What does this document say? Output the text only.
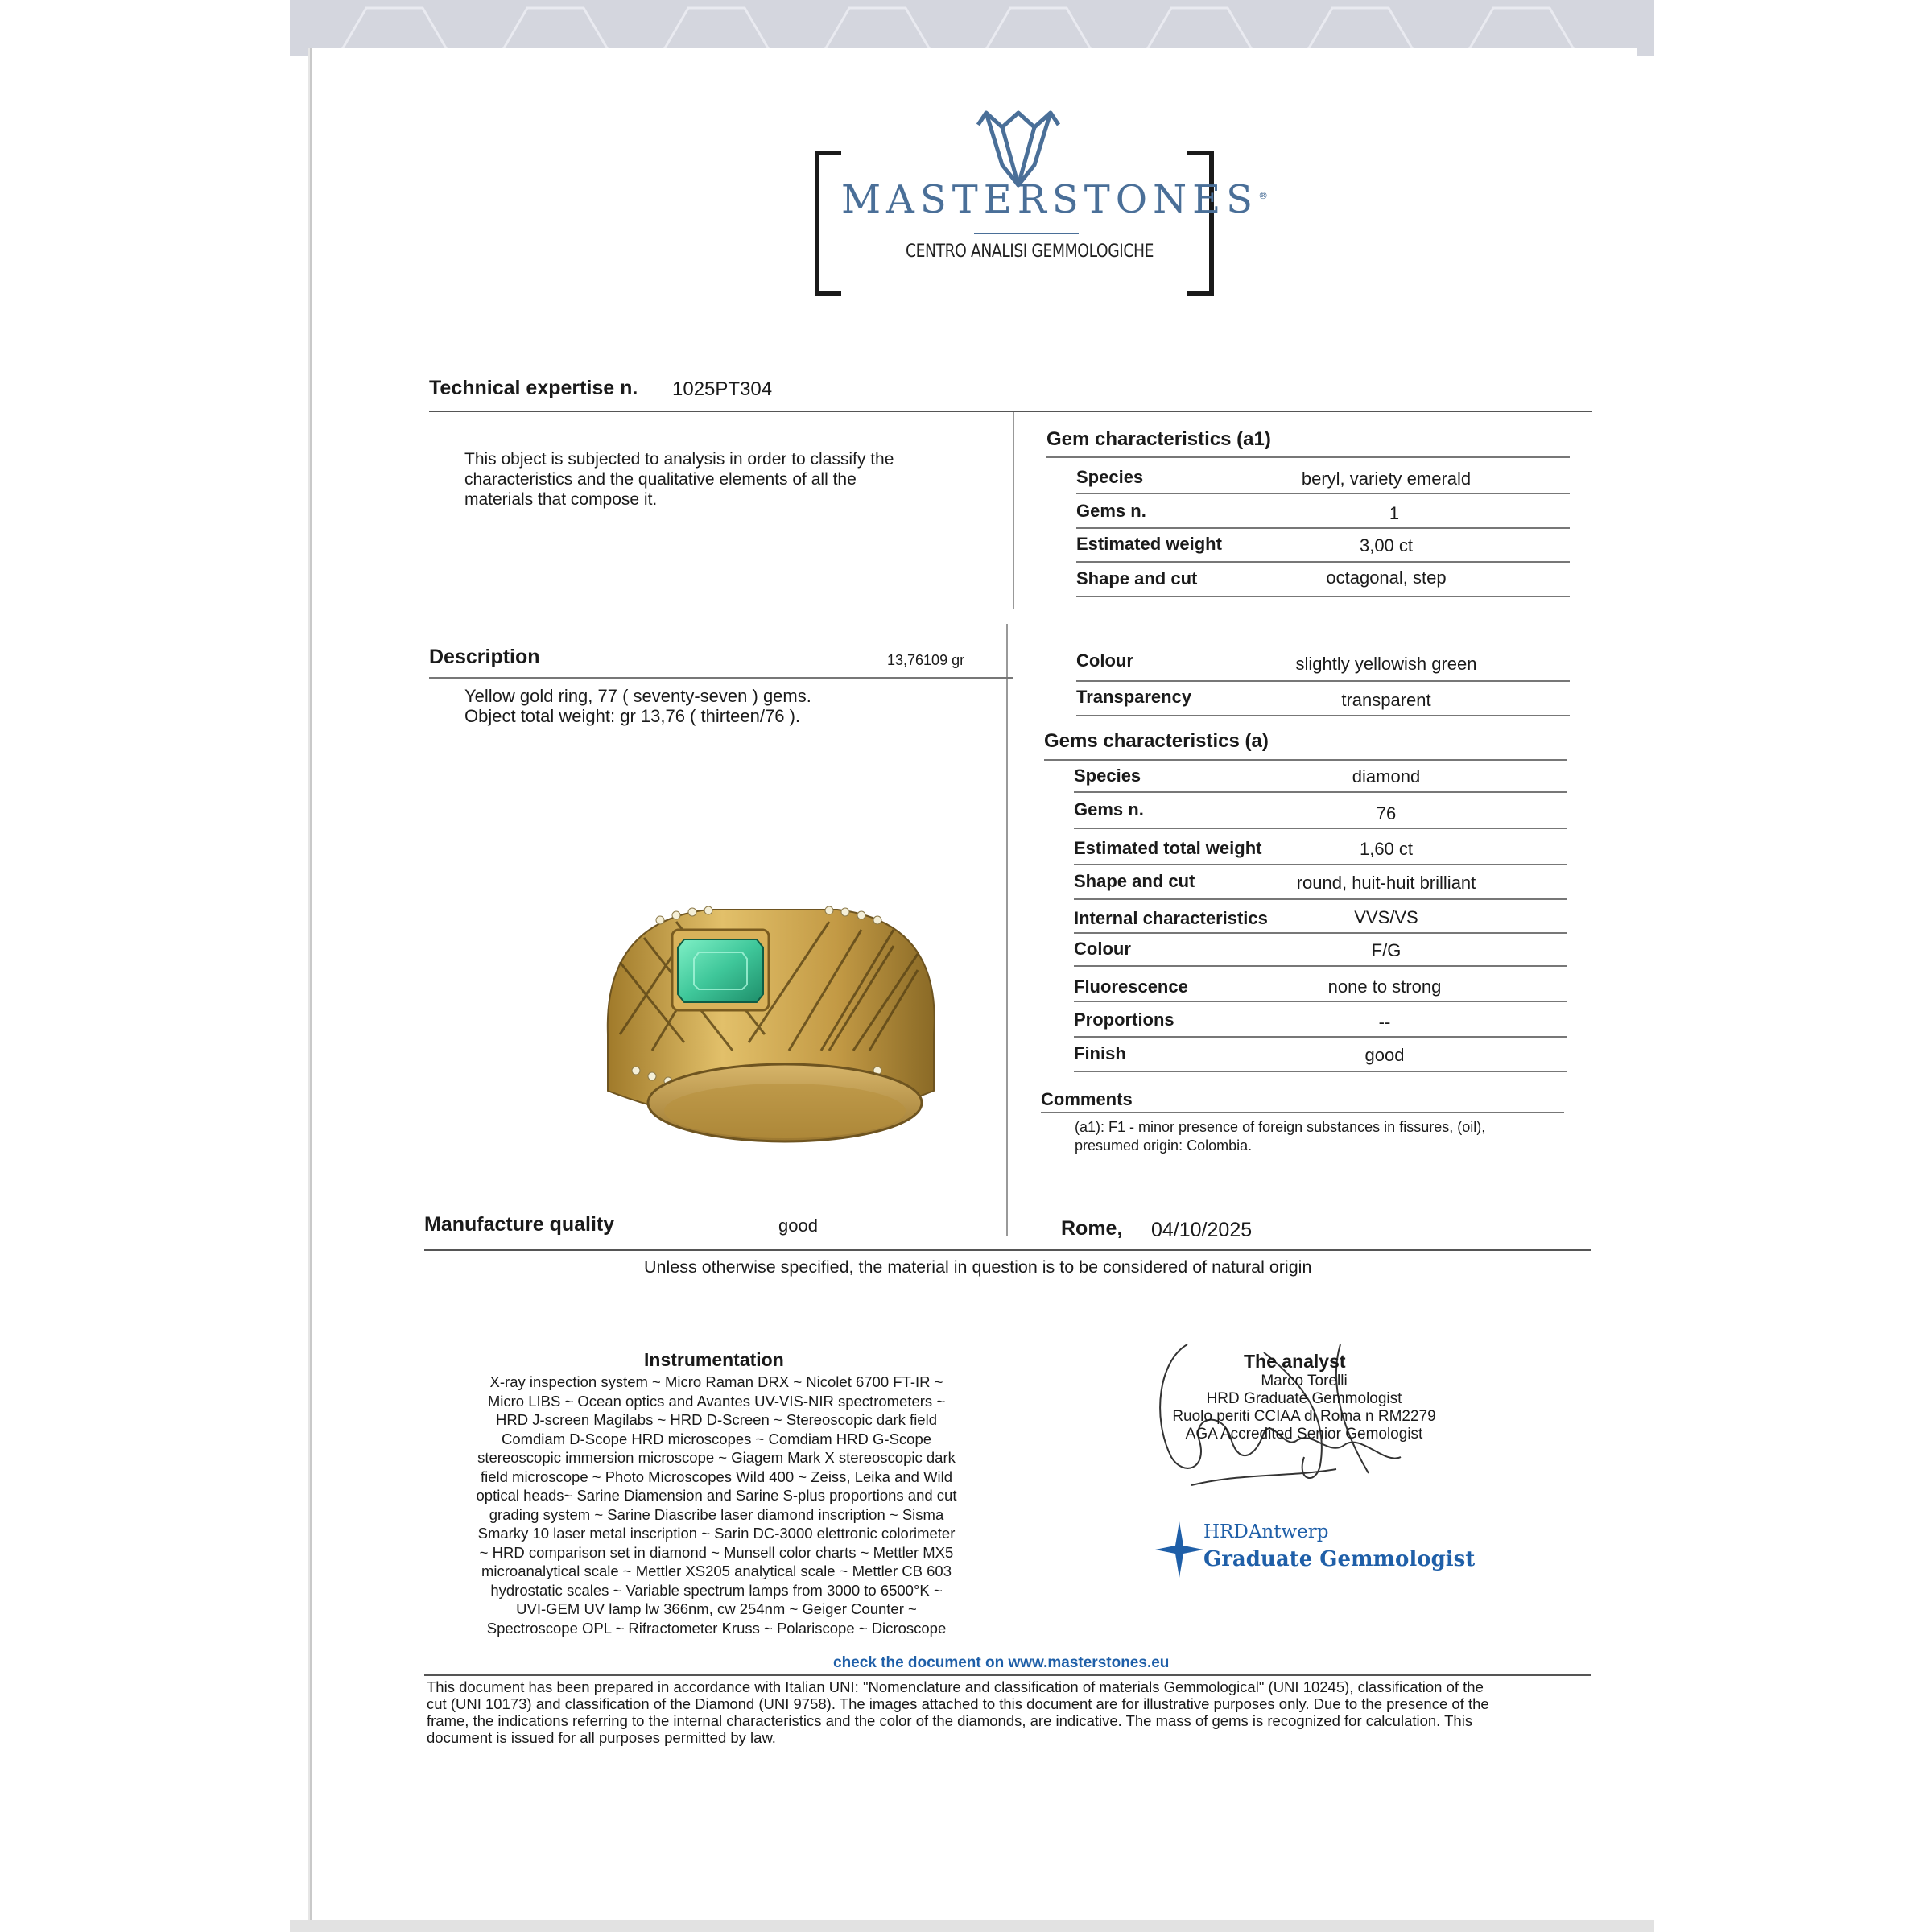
MASTERSTONES®
CENTRO ANALISI GEMMOLOGICHE
Technical expertise n. 1025PT304
This object is subjected to analysis in order to classify the
characteristics and the qualitative elements of all the
materials that compose it.
Gem characteristics (a1)
Species	beryl, variety emerald
Gems n.	1
Estimated weight	3,00 ct
Shape and cut	octagonal, step
Description	13,76109 gr
Yellow gold ring, 77 ( seventy-seven ) gems.
Object total weight: gr 13,76 ( thirteen/76 ).
Colour	slightly yellowish green
Transparency	transparent
Gems characteristics (a)
Species	diamond
Gems n.	76
Estimated total weight	1,60 ct
Shape and cut	round, huit-huit brilliant
Internal characteristics	VVS/VS
Colour	F/G
Fluorescence	none to strong
Proportions	--
Finish	good
Comments
(a1): F1 - minor presence of foreign substances in fissures, (oil),
presumed origin: Colombia.
Manufacture quality	good	Rome, 04/10/2025
Unless otherwise specified, the material in question is to be considered of natural origin
Instrumentation
X-ray inspection system ~ Micro Raman DRX ~ Nicolet 6700 FT-IR ~
Micro LIBS ~ Ocean optics and Avantes UV-VIS-NIR spectrometers ~
HRD J-screen Magilabs ~ HRD D-Screen ~ Stereoscopic dark field
Comdiam D-Scope HRD microscopes ~ Comdiam HRD G-Scope
stereoscopic immersion microscope ~ Giagem Mark X stereoscopic dark
field microscope ~ Photo Microscopes Wild 400 ~ Zeiss, Leika and Wild
optical heads~ Sarine Diamension and Sarine S-plus proportions and cut
grading system ~ Sarine Diascribe laser diamond inscription ~ Sisma
Smarky 10 laser metal inscription ~ Sarin DC-3000 elettronic colorimeter
~ HRD comparison set in diamond ~ Munsell color charts ~ Mettler MX5
microanalytical scale ~ Mettler XS205 analytical scale ~ Mettler CB 603
hydrostatic scales ~ Variable spectrum lamps from 3000 to 6500°K ~
UVI-GEM UV lamp lw 366nm, cw 254nm ~ Geiger Counter ~
Spectroscope OPL ~ Rifractometer Kruss ~ Polariscope ~ Dicroscope
The analyst
Marco Torelli
HRD Graduate Gemmologist
Ruolo periti CCIAA di Roma n RM2279
AGA Accredited Senior Gemologist
HRDAntwerp
Graduate Gemmologist
check the document on www.masterstones.eu
This document has been prepared in accordance with Italian UNI: "Nomenclature and classification of materials Gemmological" (UNI 10245), classification of the
cut (UNI 10173) and classification of the Diamond (UNI 9758). The images attached to this document are for illustrative purposes only. Due to the presence of the
frame, the indications referring to the internal characteristics and the color of the diamonds, are indicative. The mass of gems is recognized for calculation. This
document is issued for all purposes permitted by law.
